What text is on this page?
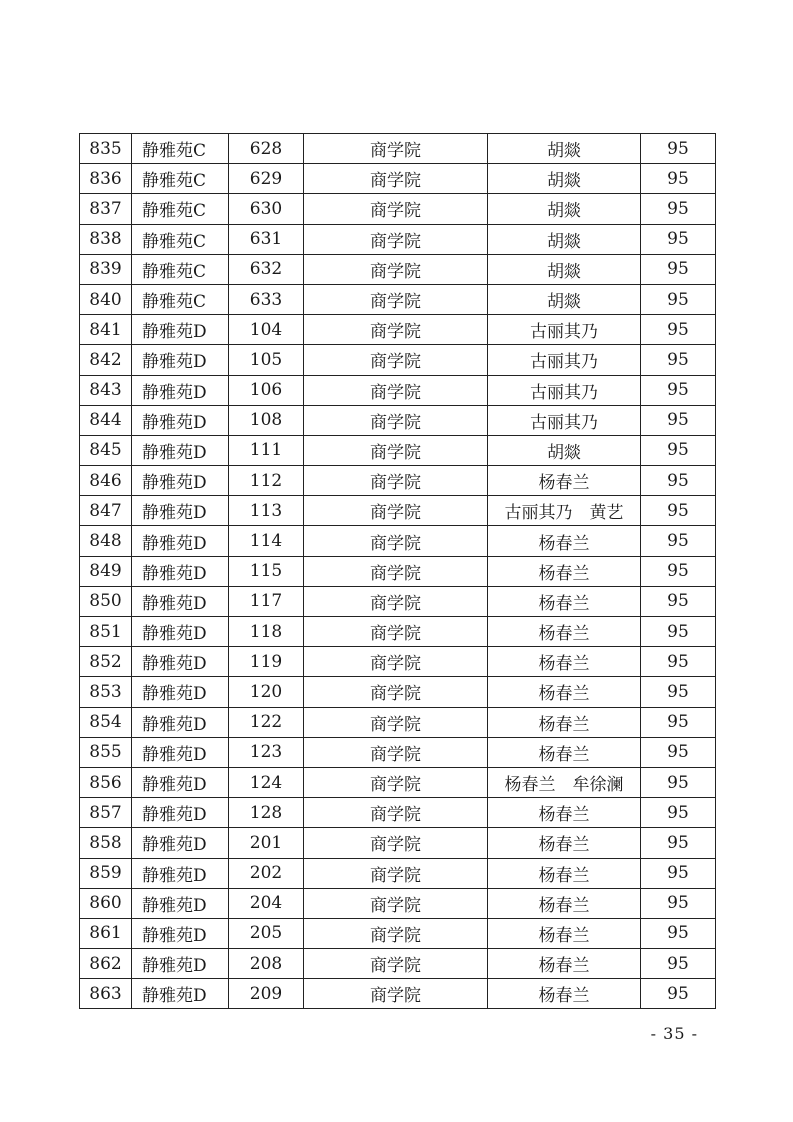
835	静雅苑C	628	商学院	胡燚	95
836	静雅苑C	629	商学院	胡燚	95
837	静雅苑C	630	商学院	胡燚	95
838	静雅苑C	631	商学院	胡燚	95
839	静雅苑C	632	商学院	胡燚	95
840	静雅苑C	633	商学院	胡燚	95
841	静雅苑D	104	商学院	古丽其乃	95
842	静雅苑D	105	商学院	古丽其乃	95
843	静雅苑D	106	商学院	古丽其乃	95
844	静雅苑D	108	商学院	古丽其乃	95
845	静雅苑D	111	商学院	胡燚	95
846	静雅苑D	112	商学院	杨春兰	95
847	静雅苑D	113	商学院	古丽其乃　黄艺	95
848	静雅苑D	114	商学院	杨春兰	95
849	静雅苑D	115	商学院	杨春兰	95
850	静雅苑D	117	商学院	杨春兰	95
851	静雅苑D	118	商学院	杨春兰	95
852	静雅苑D	119	商学院	杨春兰	95
853	静雅苑D	120	商学院	杨春兰	95
854	静雅苑D	122	商学院	杨春兰	95
855	静雅苑D	123	商学院	杨春兰	95
856	静雅苑D	124	商学院	杨春兰　牟徐澜	95
857	静雅苑D	128	商学院	杨春兰	95
858	静雅苑D	201	商学院	杨春兰	95
859	静雅苑D	202	商学院	杨春兰	95
860	静雅苑D	204	商学院	杨春兰	95
861	静雅苑D	205	商学院	杨春兰	95
862	静雅苑D	208	商学院	杨春兰	95
863	静雅苑D	209	商学院	杨春兰	95
- 35 -
